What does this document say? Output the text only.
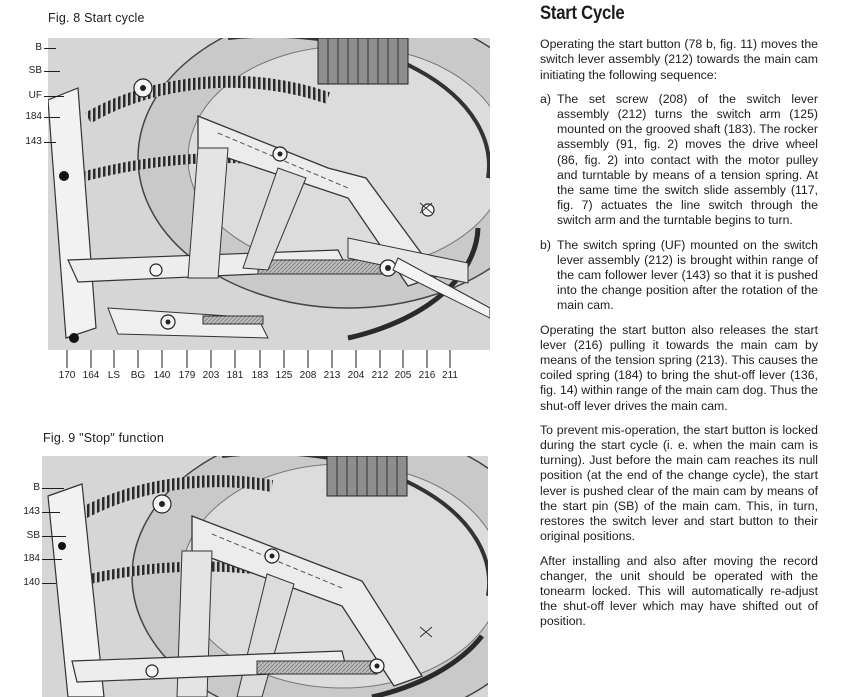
Fig. 8 Start cycle
B
SB
UF
184
143
170 164 LS	BG 140 179 203 181 183 125 208 213 204 212 205 216 211
Fig. 9 "Stop" function
B
143
SB
184
140
Start Cycle

Operating the start button (78 b, fig. 11) moves the switch lever assembly (212) towards the main cam initiating the following sequence:

a) The set screw (208) of the switch lever assembly (212) turns the switch arm (125) mounted on the grooved shaft (183). The rocker assembly (91, fig. 2) moves the drive wheel (86, fig. 2) into contact with the motor pulley and turntable by means of a tension spring. At the same time the switch slide assembly (117, fig. 7) actuates the line switch through the switch arm and the turntable begins to turn.
b) The switch spring (UF) mounted on the switch lever assembly (212) is brought within range of the cam follower lever (143) so that it is pushed into the change position after the rotation of the main cam.

Operating the start button also releases the start lever (216) pulling it towards the main cam by means of the tension spring (213). This causes the coiled spring (184) to bring the shut-off lever (136, fig. 14) within range of the main cam dog. Thus the shut-off lever drives the main cam.

To prevent mis-operation, the start button is locked during the start cycle (i. e. when the main cam is turning). Just before the main cam reaches its null position (at the end of the change cycle), the start lever is pushed clear of the main cam by means of the start pin (SB) of the main cam. This, in turn, restores the switch lever and start button to their original positions.

After installing and also after moving the record changer, the unit should be operated with the tonearm locked. This will automatically re-adjust the shut-off lever which may have shifted out of position.
